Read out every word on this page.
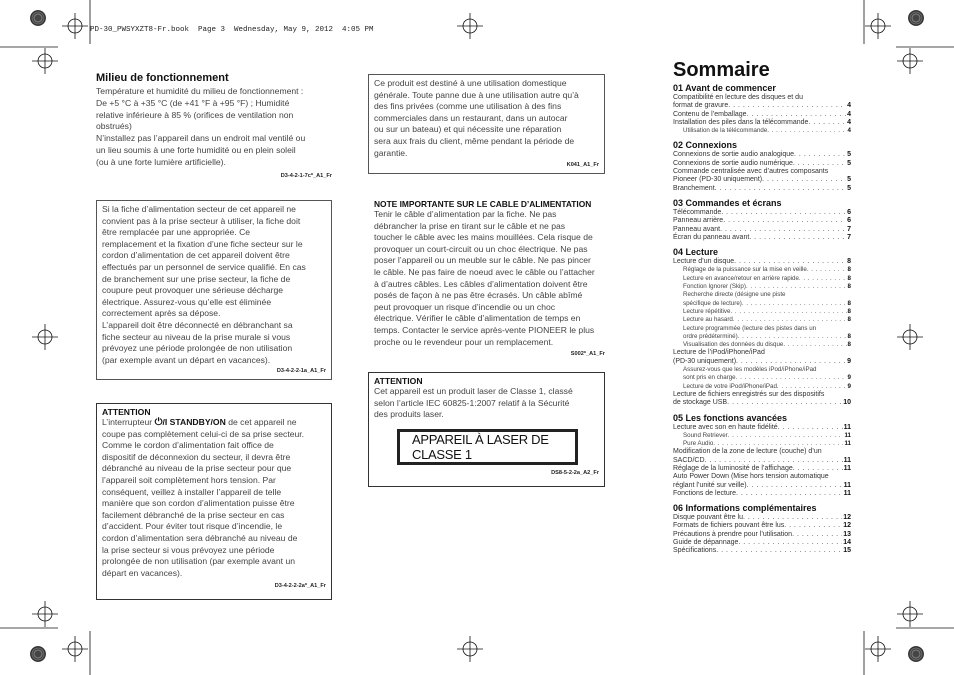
PD-30_PWSYXZT8-Fr.book  Page 3  Wednesday, May 9, 2012  4:05 PM
Milieu de fonctionnement
Température et humidité du milieu de fonctionnement :
De +5 °C à +35 °C (de +41 °F à +95 °F) ; Humidité
relative inférieure à 85 % (orifices de ventilation non
obstrués)
N’installez pas l’appareil dans un endroit mal ventilé ou
un lieu soumis à une forte humidité ou en plein soleil
(ou à une forte lumière artificielle).
D3-4-2-1-7c*_A1_Fr
Si la fiche d’alimentation secteur de cet appareil ne
convient pas à la prise secteur à utiliser, la fiche doit
être remplacée par une appropriée. Ce
remplacement et la fixation d’une fiche secteur sur le
cordon d’alimentation de cet appareil doivent être
effectués par un personnel de service qualifié. En cas
de branchement sur une prise secteur, la fiche de
coupure peut provoquer une sérieuse décharge
électrique. Assurez-vous qu’elle est éliminée
correctement après sa dépose.
L’appareil doit être déconnecté en débranchant sa
fiche secteur au niveau de la prise murale si vous
prévoyez une période prolongée de non utilisation
(par exemple avant un départ en vacances).
D3-4-2-2-1a_A1_Fr
ATTENTION
L’interrupteur ⏻/I STANDBY/ON de cet appareil ne
coupe pas complètement celui-ci de sa prise secteur.
Comme le cordon d’alimentation fait office de
dispositif de déconnexion du secteur, il devra être
débranché au niveau de la prise secteur pour que
l’appareil soit complètement hors tension. Par
conséquent, veillez à installer l’appareil de telle
manière que son cordon d’alimentation puisse être
facilement débranché de la prise secteur en cas
d’accident. Pour éviter tout risque d’incendie, le
cordon d’alimentation sera débranché au niveau de
la prise secteur si vous prévoyez une période
prolongée de non utilisation (par exemple avant un
départ en vacances).
D3-4-2-2-2a*_A1_Fr
Ce produit est destiné à une utilisation domestique
générale. Toute panne due à une utilisation autre qu’à
des fins privées (comme une utilisation à des fins
commerciales dans un restaurant, dans un autocar
ou sur un bateau) et qui nécessite une réparation
sera aux frais du client, même pendant la période de
garantie.
K041_A1_Fr
NOTE IMPORTANTE SUR LE CABLE D’ALIMENTATION
Tenir le câble d’alimentation par la fiche. Ne pas
débrancher la prise en tirant sur le câble et ne pas
toucher le câble avec les mains mouillées. Cela risque de
provoquer un court-circuit ou un choc électrique. Ne pas
poser l’appareil ou un meuble sur le câble. Ne pas pincer
le câble. Ne pas faire de noeud avec le câble ou l’attacher
à d’autres câbles. Les câbles d’alimentation doivent être
posés de façon à ne pas être écrasés. Un câble abîmé
peut provoquer un risque d’incendie ou un choc
électrique. Vérifier le câble d’alimentation de temps en
temps. Contacter le service après-vente PIONEER le plus
proche ou le revendeur pour un remplacement.
S002*_A1_Fr
ATTENTION
Cet appareil est un produit laser de Classe 1, classé
selon l’article IEC 60825-1:2007 relatif à la Sécurité
des produits laser.
APPAREIL À LASER DE CLASSE 1
DS8-5-2-2a_A2_Fr
Sommaire
01 Avant de commencer
Compatibilité en lecture des disques et du
format de gravure . . .	4
Contenu de l’emballage . . .	4
Installation des piles dans la télécommande . . .	4
Utilisation de la télécommande . . .	4
02 Connexions
Connexions de sortie audio analogique . . .	5
Connexions de sortie audio numérique . . .	5
Commande centralisée avec d’autres composants
Pioneer (PD-30 uniquement) . . .	5
Branchement . . .	5
03 Commandes et écrans
Télécommande . . .	6
Panneau arrière . . .	6
Panneau avant . . .	7
Écran du panneau avant . . .	7
04 Lecture
Lecture d’un disque . . .	8
Réglage de la puissance sur la mise en veille . . .	8
Lecture en avance/retour en arrière rapide . . .	8
Fonction Ignorer (Skip) . . .	8
Recherche directe (désigne une piste
spécifique de lecture) . . .	8
Lecture répétitive . . .	8
Lecture au hasard . . .	8
Lecture programmée (lecture des pistes dans un
ordre prédéterminé) . . .	8
Visualisation des données du disque . . .	8
Lecture de l’iPod/iPhone/iPad
(PD-30 uniquement) . . .	9
Assurez-vous que les modèles iPod/iPhone/iPad
sont pris en charge . . .	9
Lecture de votre iPod/iPhone/iPad . . .	9
Lecture de fichiers enregistrés sur des dispositifs
de stockage USB . . .	10
05 Les fonctions avancées
Lecture avec son en haute fidélité . . .	11
Sound Retriever . . .	11
Pure Audio . . .	11
Modification de la zone de lecture (couche) d’un
SACD/CD . . .	11
Réglage de la luminosité de l’affichage . . .	11
Auto Power Down (Mise hors tension automatique
réglant l’unité sur veille) . . .	11
Fonctions de lecture . . .	11
06 Informations complémentaires
Disque pouvant être lu . . .	12
Formats de fichiers pouvant être lus . . .	12
Précautions à prendre pour l’utilisation . . .	13
Guide de dépannage . . .	14
Spécifications . . .	15
